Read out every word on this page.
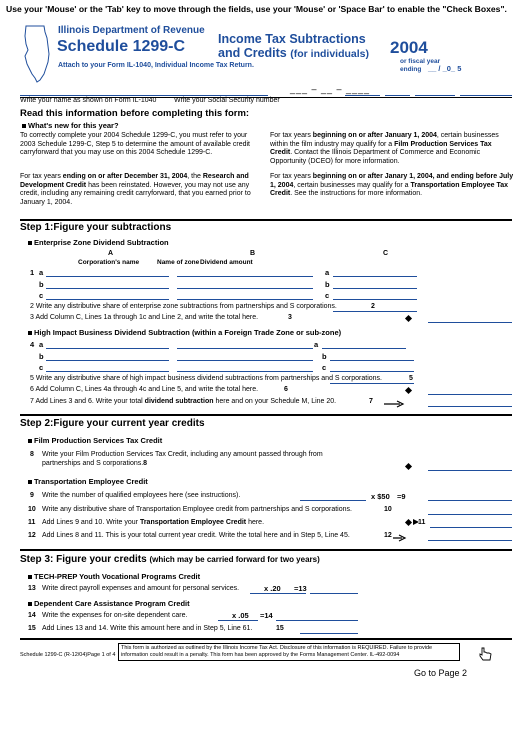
Use your 'Mouse' or the 'Tab' key to move through the fields, use your 'Mouse' or 'Space Bar' to enable the "Check Boxes".
Illinois Department of Revenue
Schedule 1299-C
Attach to your Form IL-1040, Individual Income Tax Return.
Income Tax Subtractions
and Credits (for individuals) 2004
or fiscal year
ending __ / _0_ 5
___ – __ – ____
Write your name as shown on Form IL-1040	Write your Social Security number
Read this information before completing this form:
What's new for this year?
To correctly complete your 2004 Schedule 1299-C, you must refer to your 2003 Schedule 1299-C, Step 5 to determine the amount of available credit carryforward that you may use on this 2004 Schedule 1299-C.
For tax years ending on or after December 31, 2004, the Research and Development Credit has been reinstated. However, you may not use any credit, including any remaining credit carryforward, that you earned prior to January 1, 2004.
For tax years beginning on or after January 1, 2004, certain businesses within the film industry may qualify for a Film Production Services Tax Credit. Contact the Illinois Department of Commerce and Economic Opportunity (DCEO) for more information.
For tax years beginning on or after Janary 1, 2004, and ending before July 1, 2004, certain businesses may qualify for a Transportation Employee Tax Credit. See the instructions for more information.
Step 1:Figure your subtractions
Enterprise Zone Dividend Subtraction
A	B	C
Corporation's name	Name of zone Dividend amount
1 a	a
b	b
c	c
2 Write any distributive share of enterprise zone subtractions from partnerships and S corporations.	2
3 Add Column C, Lines 1a through 1c and Line 2, and write the total here.	3
High Impact Business Dividend Subtraction (within a Foreign Trade Zone or sub-zone)
4 a	a
b	b
c	c
5 Write any distributive share of high impact business dividend subtractions from partnerships and S corporations.	5
6 Add Column C, Lines 4a through 4c and Line 5, and write the total here.	6
7 Add Lines 3 and 6. Write your total dividend subtraction here and on your Schedule M, Line 20.	7
Step 2:Figure your current year credits
Film Production Services Tax Credit
8 Write your Film Production Services Tax Credit, including any amount passed through from partnerships and S corporations.8
Transportation Employee Credit
9 Write the number of qualified employees here (see instructions).	x $50 =9
10 Write any distributive share of Transportation Employee credit from partnerships and S corporations.	10
11 Add Lines 9 and 10. Write your Transportation Employee Credit here.	11
12 Add Lines 8 and 11. This is your total current year credit. Write the total here and in Step 5, Line 45.	12
Step 3: Figure your credits (which may be carried forward for two years)
TECH-PREP Youth Vocational Programs Credit
13 Write direct payroll expenses and amount for personal services.	x .20 =13
Dependent Care Assistance Program Credit
14 Write the expenses for on-site dependent care.	x .05 =14
15 Add Lines 13 and 14. Write this amount here and in Step 5, Line 61.	15
Schedule 1299-C (R-12/04)Page 1 of 4
This form is authorized as outlined by the Illinois Income Tax Act. Disclosure of this information is REQUIRED. Failure to provide information could result in a penalty. This form has been approved by the Forms Management Center. IL-492-0094
Go to Page 2
